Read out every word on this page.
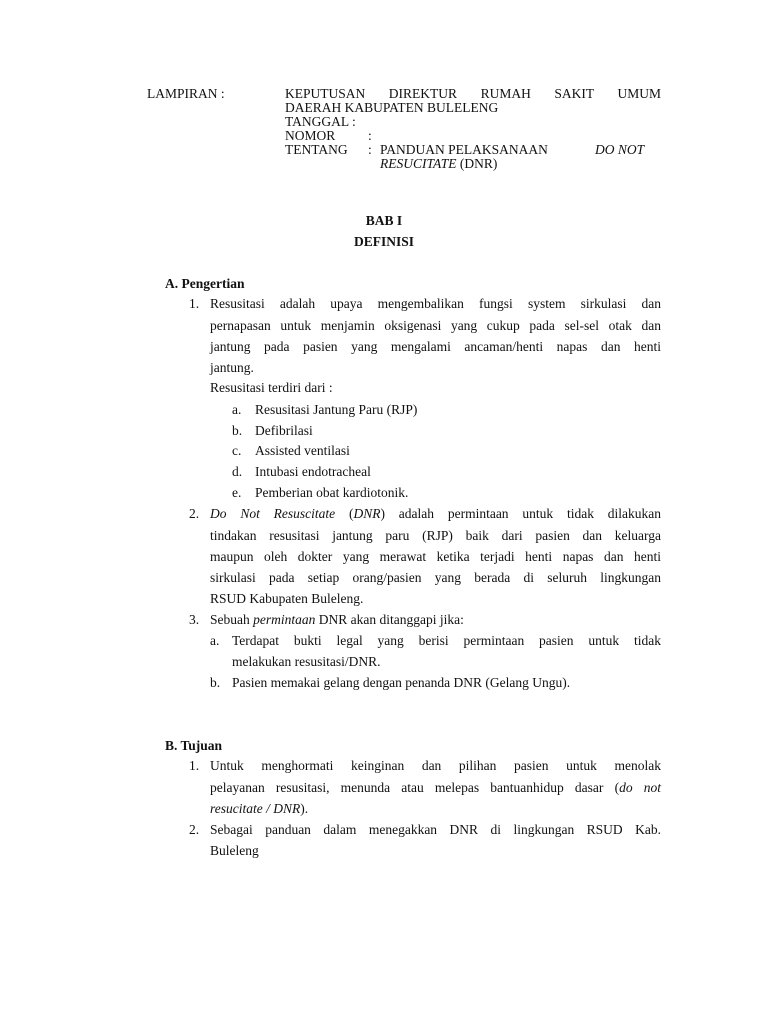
LAMPIRAN :	KEPUTUSAN DIREKTUR RUMAH SAKIT UMUM
DAERAH KABUPATEN BULELENG
TANGGAL :
NOMOR :
TENTANG : PANDUAN PELAKSANAAN	DO NOT
RESUCITATE (DNR)
BAB I
DEFINISI
A. Pengertian
1. Resusitasi adalah upaya mengembalikan fungsi system sirkulasi dan
pernapasan untuk menjamin oksigenasi yang cukup pada sel-sel otak dan
jantung pada pasien yang mengalami ancaman/henti napas dan henti
jantung.
Resusitasi terdiri dari :
a. Resusitasi Jantung Paru (RJP)
b. Defibrilasi
c. Assisted ventilasi
d. Intubasi endotracheal
e. Pemberian obat kardiotonik.
2. Do Not Resuscitate (DNR) adalah permintaan untuk tidak dilakukan
tindakan resusitasi jantung paru (RJP) baik dari pasien dan keluarga
maupun oleh dokter yang merawat ketika terjadi henti napas dan henti
sirkulasi pada setiap orang/pasien yang berada di seluruh lingkungan
RSUD Kabupaten Buleleng.
3. Sebuah permintaan DNR akan ditanggapi jika:
a. Terdapat bukti legal yang berisi permintaan pasien untuk tidak
melakukan resusitasi/DNR.
b. Pasien memakai gelang dengan penanda DNR (Gelang Ungu).
B. Tujuan
1. Untuk menghormati keinginan dan pilihan pasien untuk menolak
pelayanan resusitasi, menunda atau melepas bantuanhidup dasar (do not
resucitate / DNR).
2. Sebagai panduan dalam menegakkan DNR di lingkungan RSUD Kab.
Buleleng
